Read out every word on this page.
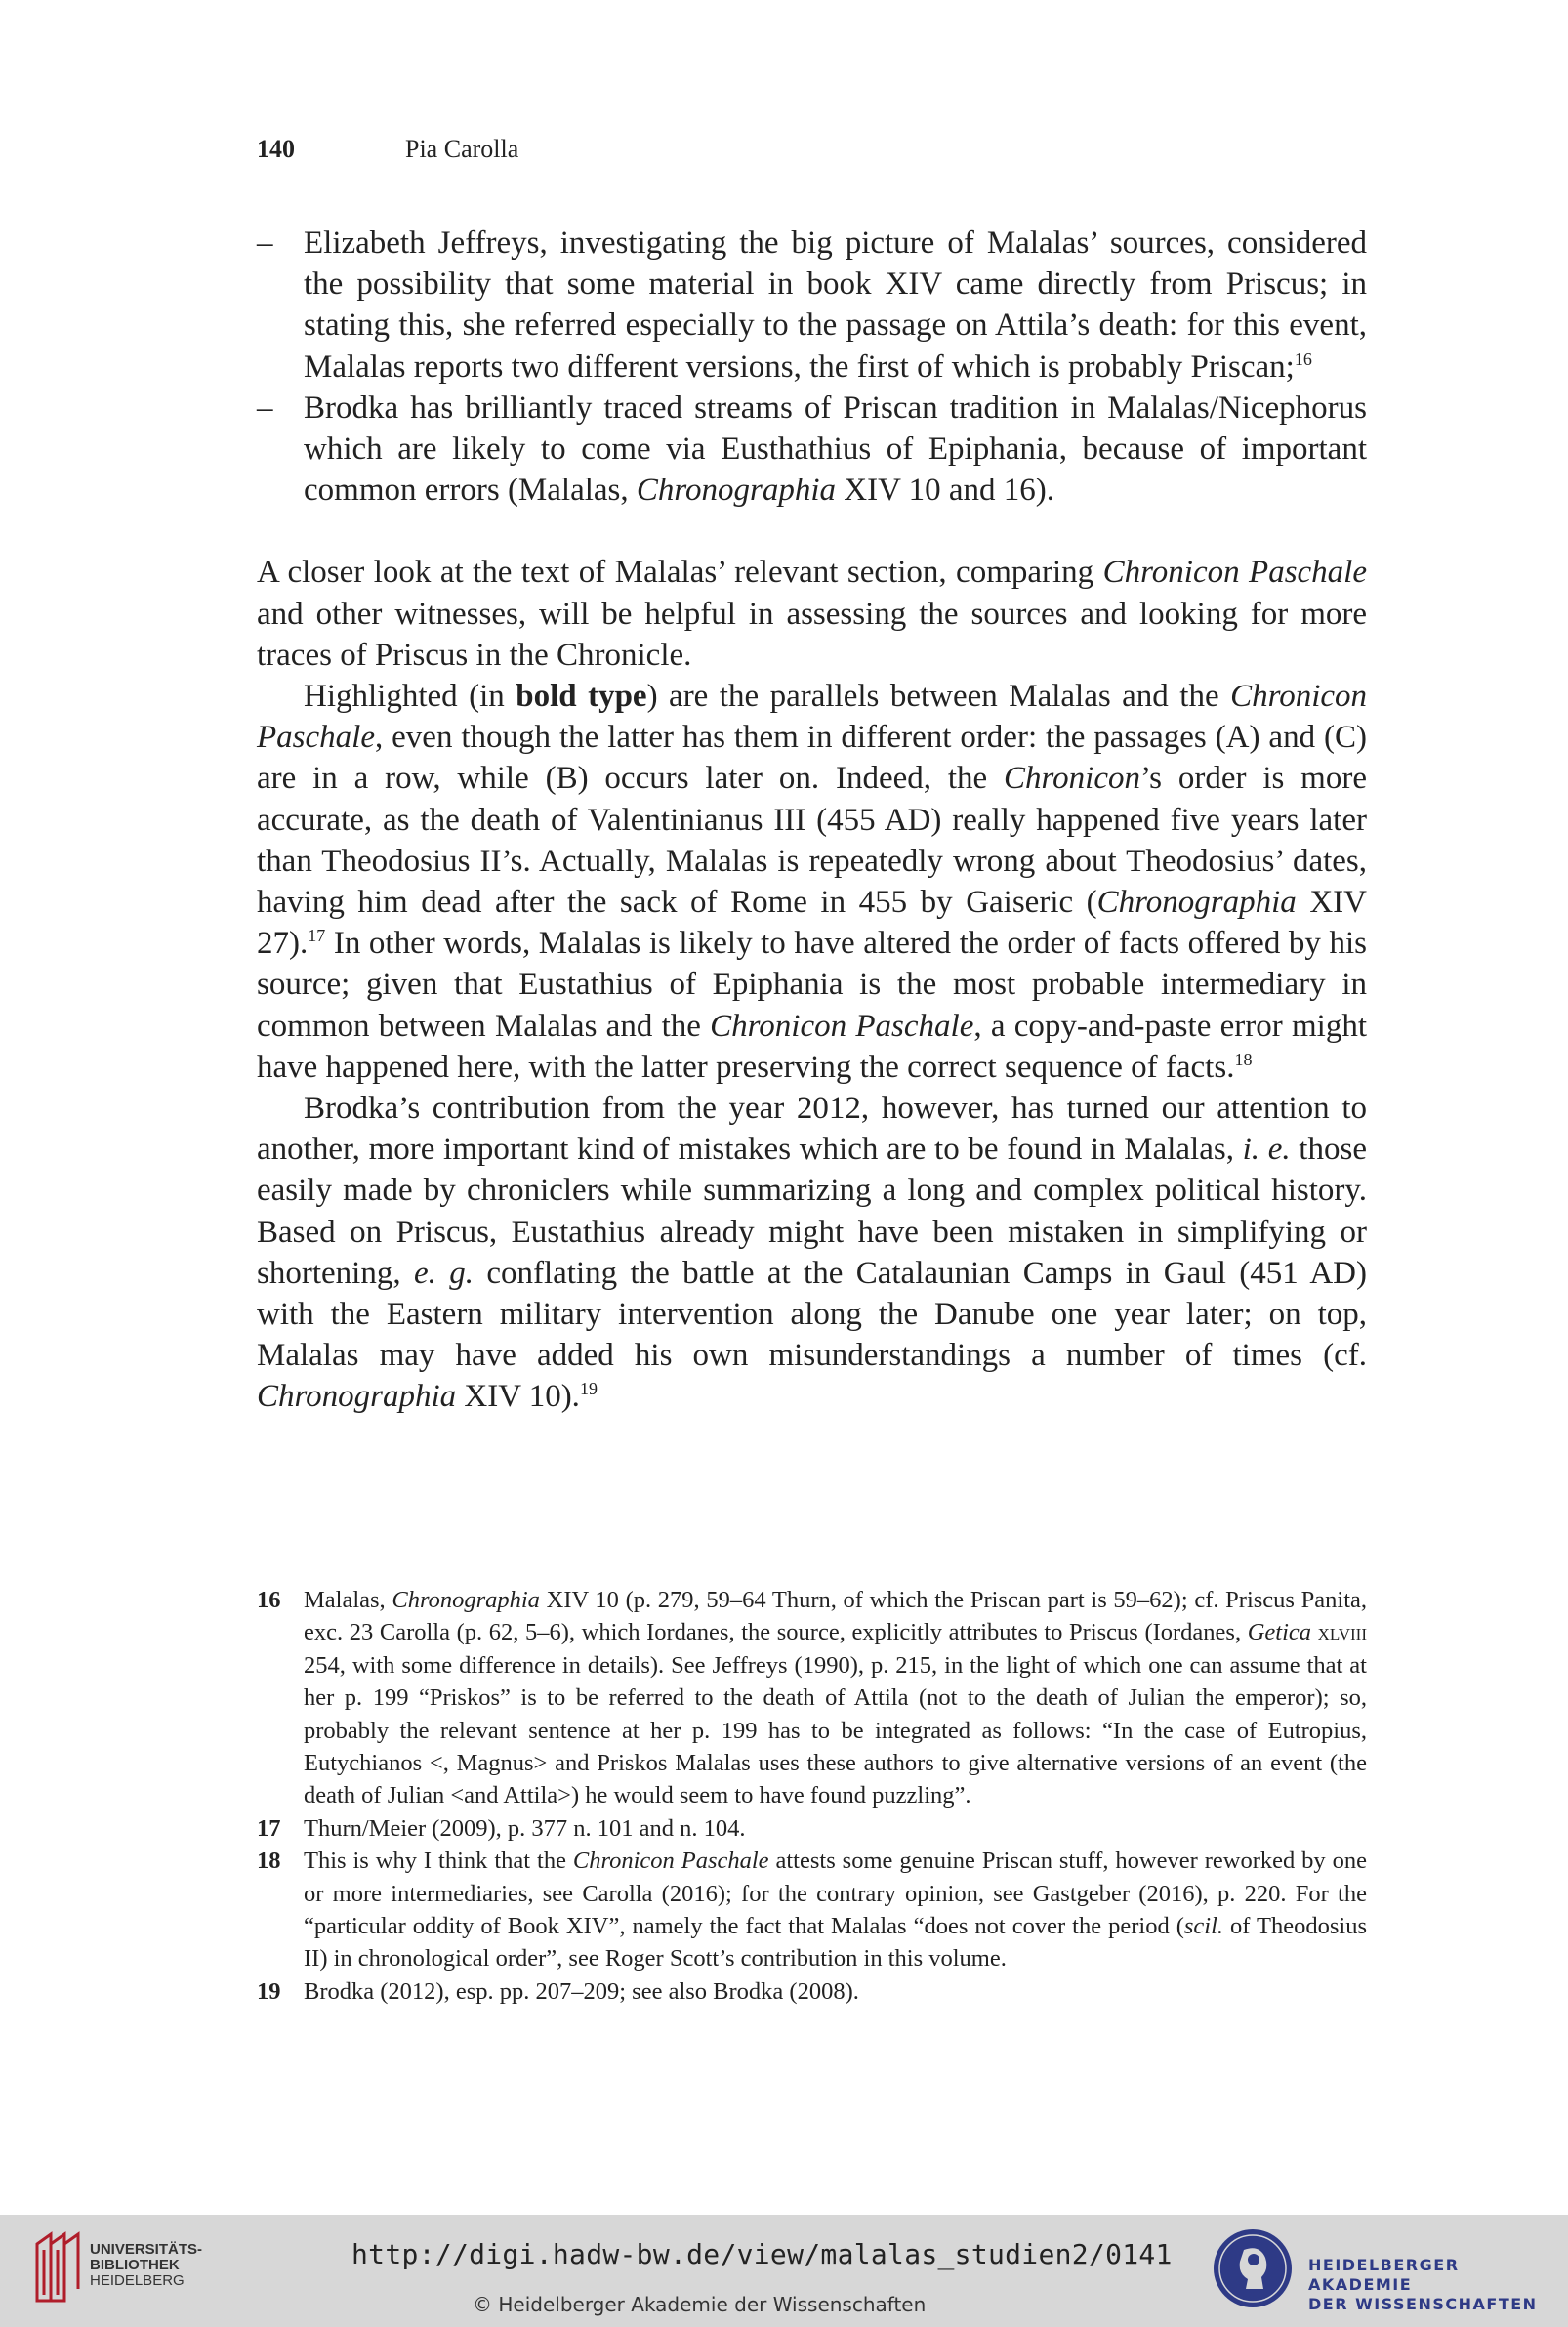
140	Pia Carolla
– Elizabeth Jeffreys, investigating the big picture of Malalas’ sources, considered the possibility that some material in book XIV came directly from Priscus; in stating this, she referred especially to the passage on Attila’s death: for this event, Malalas reports two different versions, the first of which is probably Priscan;$^{16}$
– Brodka has brilliantly traced streams of Priscan tradition in Malalas/Nicephorus which are likely to come via Eusthathius of Epiphania, because of important common errors (Malalas, Chronographia XIV 10 and 16).

A closer look at the text of Malalas’ relevant section, comparing Chronicon Paschale and other witnesses, will be helpful in assessing the sources and looking for more traces of Priscus in the Chronicle.

Highlighted (in bold type) are the parallels between Malalas and the Chronicon Paschale, even though the latter has them in different order: the passages (A) and (C) are in a row, while (B) occurs later on. Indeed, the Chronicon’s order is more accurate, as the death of Valentinianus III (455 AD) really happened five years later than Theodosius II’s. Actually, Malalas is repeatedly wrong about Theodosius’ dates, having him dead after the sack of Rome in 455 by Gaiseric (Chronographia XIV 27).$^{17}$ In other words, Malalas is likely to have altered the order of facts offered by his source; given that Eustathius of Epiphania is the most probable intermediary in common between Malalas and the Chronicon Paschale, a copy-and-paste error might have happened here, with the latter preserving the correct sequence of facts.$^{18}$

Brodka’s contribution from the year 2012, however, has turned our attention to another, more important kind of mistakes which are to be found in Malalas, i. e. those easily made by chroniclers while summarizing a long and complex political history. Based on Priscus, Eustathius already might have been mistaken in simplifying or shortening, e. g. conflating the battle at the Catalaunian Camps in Gaul (451 AD) with the Eastern military intervention along the Danube one year later; on top, Malalas may have added his own misunderstandings a number of times (cf. Chronographia XIV 10).$^{19}$

16 Malalas, Chronographia XIV 10 (p. 279, 59–64 Thurn, of which the Priscan part is 59–62); cf. Priscus Panita, exc. 23 Carolla (p. 62, 5–6), which Iordanes, the source, explicitly attributes to Priscus (Iordanes, Getica xlviii 254, with some difference in details). See Jeffreys (1990), p. 215, in the light of which one can assume that at her p. 199 “Priskos” is to be referred to the death of Attila (not to the death of Julian the emperor); so, probably the relevant sentence at her p. 199 has to be integrated as follows: “In the case of Eutropius, Eutychianos <, Magnus> and Priskos Malalas uses these authors to give alternative versions of an event (the death of Julian <and Attila>) he would seem to have found puzzling”.
17 Thurn/Meier (2009), p. 377 n. 101 and n. 104.
18 This is why I think that the Chronicon Paschale attests some genuine Priscan stuff, however reworked by one or more intermediaries, see Carolla (2016); for the contrary opinion, see Gastgeber (2016), p. 220. For the “particular oddity of Book XIV”, namely the fact that Malalas “does not cover the period (scil. of Theodosius II) in chronological order”, see Roger Scott’s contribution in this volume.
19 Brodka (2012), esp. pp. 207–209; see also Brodka (2008).
UNIVERSITÄTS-
BIBLIOTHEK
HEIDELBERG
http://digi.hadw-bw.de/view/malalas_studien2/0141
© Heidelberger Akademie der Wissenschaften
HEIDELBERGER AKADEMIE
DER WISSENSCHAFTEN
